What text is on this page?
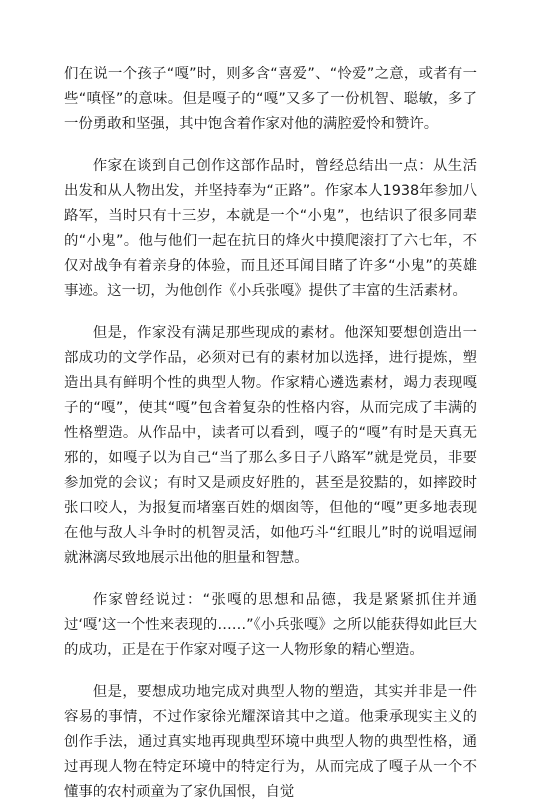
们在说一个孩子“嘎”时，则多含“喜爱”、“怜爱”之意，或者有一些“嗔怪”的意味。但是嘎子的“嘎”又多了一份机智、聪敏，多了一份勇敢和坚强，其中饱含着作家对他的满腔爱怜和赞许。

作家在谈到自己创作这部作品时，曾经总结出一点：从生活出发和从人物出发，并坚持奉为“正路”。作家本人1938年参加八路军，当时只有十三岁，本就是一个“小鬼”，也结识了很多同辈的“小鬼”。他与他们一起在抗日的烽火中摸爬滚打了六七年，不仅对战争有着亲身的体验，而且还耳闻目睹了许多“小鬼”的英雄事迹。这一切，为他创作《小兵张嘎》提供了丰富的生活素材。

但是，作家没有满足那些现成的素材。他深知要想创造出一部成功的文学作品，必须对已有的素材加以选择，进行提炼，塑造出具有鲜明个性的典型人物。作家精心遴选素材，竭力表现嘎子的“嘎”，使其“嘎”包含着复杂的性格内容，从而完成了丰满的性格塑造。从作品中，读者可以看到，嘎子的“嘎”有时是天真无邪的，如嘎子以为自己“当了那么多日子八路军”就是党员，非要参加党的会议；有时又是顽皮好胜的，甚至是狡黠的，如摔跤时张口咬人，为报复而堵塞百姓的烟囱等，但他的“嘎”更多地表现在他与敌人斗争时的机智灵活，如他巧斗“红眼儿”时的说唱逗闹就淋漓尽致地展示出他的胆量和智慧。

作家曾经说过：“张嘎的思想和品德，我是紧紧抓住并通过‘嘎’这一个性来表现的……”《小兵张嘎》之所以能获得如此巨大的成功，正是在于作家对嘎子这一人物形象的精心塑造。

但是，要想成功地完成对典型人物的塑造，其实并非是一件容易的事情，不过作家徐光耀深谙其中之道。他秉承现实主义的创作手法，通过真实地再现典型环境中典型人物的典型性格，通过再现人物在特定环境中的特定行为，从而完成了嘎子从一个不懂事的农村顽童为了家仇国恨，自觉
